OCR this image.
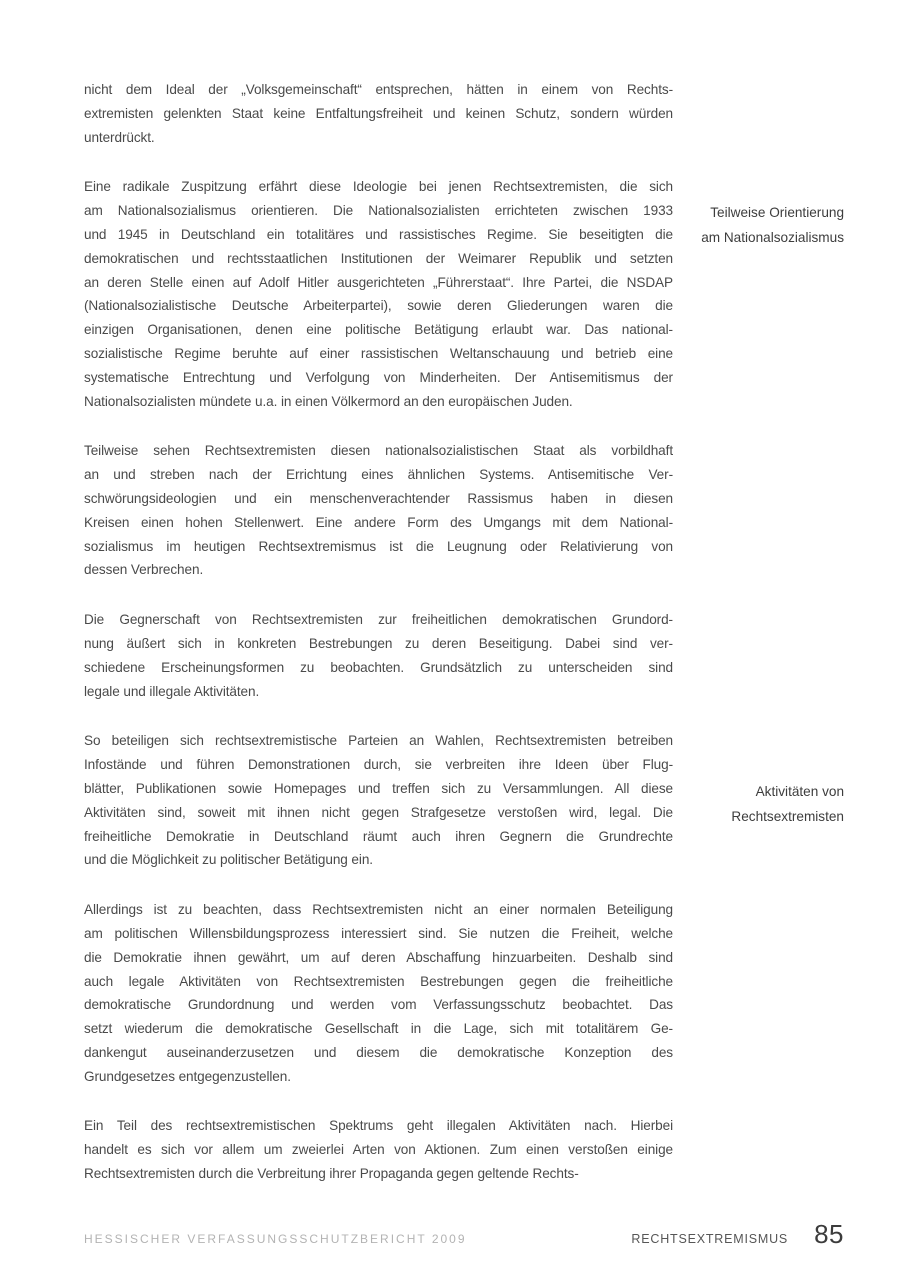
nicht dem Ideal der „Volksgemeinschaft“ entsprechen, hätten in einem von Rechts-
extremisten gelenkten Staat keine Entfaltungsfreiheit und keinen Schutz, sondern würden
unterdrückt.
Eine radikale Zuspitzung erfährt diese Ideologie bei jenen Rechtsextremisten, die sich
am Nationalsozialismus orientieren. Die Nationalsozialisten errichteten zwischen 1933
und 1945 in Deutschland ein totalitäres und rassistisches Regime. Sie beseitigten die
demokratischen und rechtsstaatlichen Institutionen der Weimarer Republik und setzten
an deren Stelle einen auf Adolf Hitler ausgerichteten „Führerstaat“. Ihre Partei, die NSDAP
(Nationalsozialistische Deutsche Arbeiterpartei), sowie deren Gliederungen waren die
einzigen Organisationen, denen eine politische Betätigung erlaubt war. Das national-
sozialistische Regime beruhte auf einer rassistischen Weltanschauung und betrieb eine
systematische Entrechtung und Verfolgung von Minderheiten. Der Antisemitismus der
Nationalsozialisten mündete u.a. in einen Völkermord an den europäischen Juden.
Teilweise sehen Rechtsextremisten diesen nationalsozialistischen Staat als vorbildhaft
an und streben nach der Errichtung eines ähnlichen Systems. Antisemitische Ver-
schwörungsideologien und ein menschenverachtender Rassismus haben in diesen
Kreisen einen hohen Stellenwert. Eine andere Form des Umgangs mit dem National-
sozialismus im heutigen Rechtsextremismus ist die Leugnung oder Relativierung von
dessen Verbrechen.
Die Gegnerschaft von Rechtsextremisten zur freiheitlichen demokratischen Grundord-
nung äußert sich in konkreten Bestrebungen zu deren Beseitigung. Dabei sind ver-
schiedene Erscheinungsformen zu beobachten. Grundsätzlich zu unterscheiden sind
legale und illegale Aktivitäten.
So beteiligen sich rechtsextremistische Parteien an Wahlen, Rechtsextremisten betreiben
Infostände und führen Demonstrationen durch, sie verbreiten ihre Ideen über Flug-
blätter, Publikationen sowie Homepages und treffen sich zu Versammlungen. All diese
Aktivitäten sind, soweit mit ihnen nicht gegen Strafgesetze verstoßen wird, legal. Die
freiheitliche Demokratie in Deutschland räumt auch ihren Gegnern die Grundrechte
und die Möglichkeit zu politischer Betätigung ein.
Allerdings ist zu beachten, dass Rechtsextremisten nicht an einer normalen Beteiligung
am politischen Willensbildungsprozess interessiert sind. Sie nutzen die Freiheit, welche
die Demokratie ihnen gewährt, um auf deren Abschaffung hinzuarbeiten. Deshalb sind
auch legale Aktivitäten von Rechtsextremisten Bestrebungen gegen die freiheitliche
demokratische Grundordnung und werden vom Verfassungsschutz beobachtet. Das
setzt wiederum die demokratische Gesellschaft in die Lage, sich mit totalitärem Ge-
dankengut auseinanderzusetzen und diesem die demokratische Konzeption des
Grundgesetzes entgegenzustellen.
Ein Teil des rechtsextremistischen Spektrums geht illegalen Aktivitäten nach. Hierbei
handelt es sich vor allem um zweierlei Arten von Aktionen. Zum einen verstoßen einige
Rechtsextremisten durch die Verbreitung ihrer Propaganda gegen geltende Rechts-
Teilweise Orientierung
am Nationalsozialismus
Aktivitäten von
Rechtsextremisten
HESSISCHER VERFASSUNGSSCHUTZBERICHT 2009	RECHTSEXTREMISMUS 85
